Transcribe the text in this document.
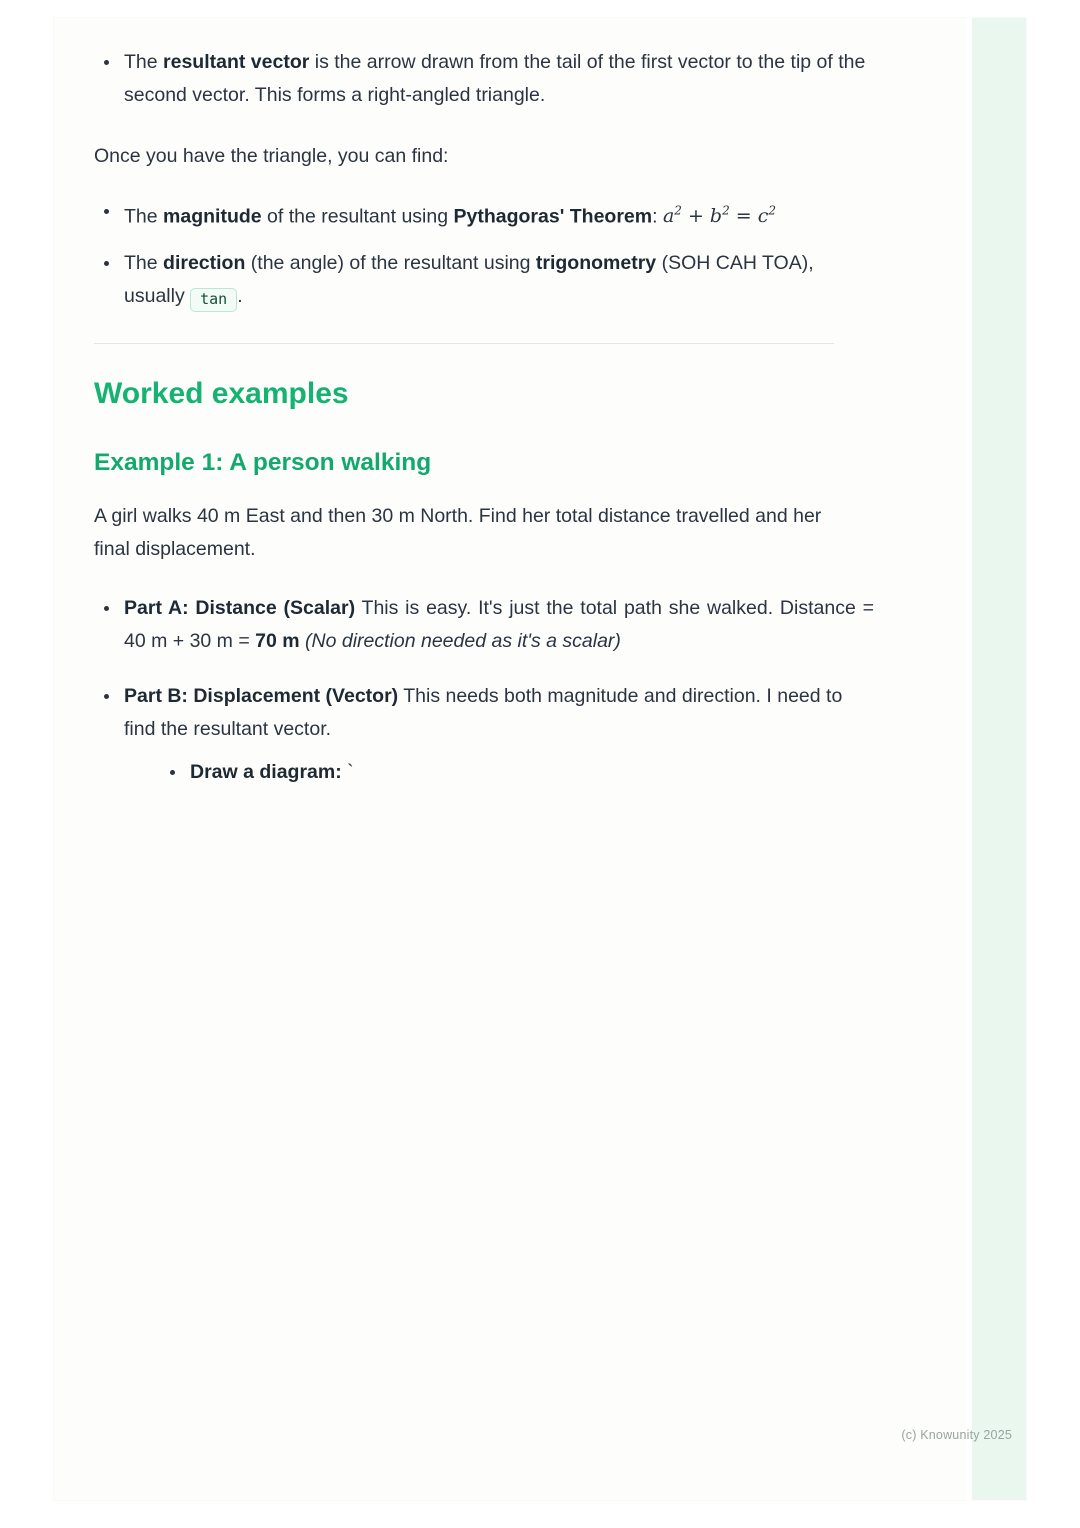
The resultant vector is the arrow drawn from the tail of the first vector to the tip of the second vector. This forms a right-angled triangle.

Once you have the triangle, you can find:

The magnitude of the resultant using Pythagoras' Theorem: $a^2 + b^2 = c^2$
The direction (the angle) of the resultant using trigonometry (SOH CAH TOA), usually tan .
Worked examples
Example 1: A person walking

A girl walks 40 m East and then 30 m North. Find her total distance travelled and her final displacement.

Part A: Distance (Scalar) This is easy. It's just the total path she walked. Distance = 40 m + 30 m = 70 m (No direction needed as it's a scalar)
Part B: Displacement (Vector) This needs both magnitude and direction. I need to find the resultant vector.
Draw a diagram: `
(c) Knowunity 2025
